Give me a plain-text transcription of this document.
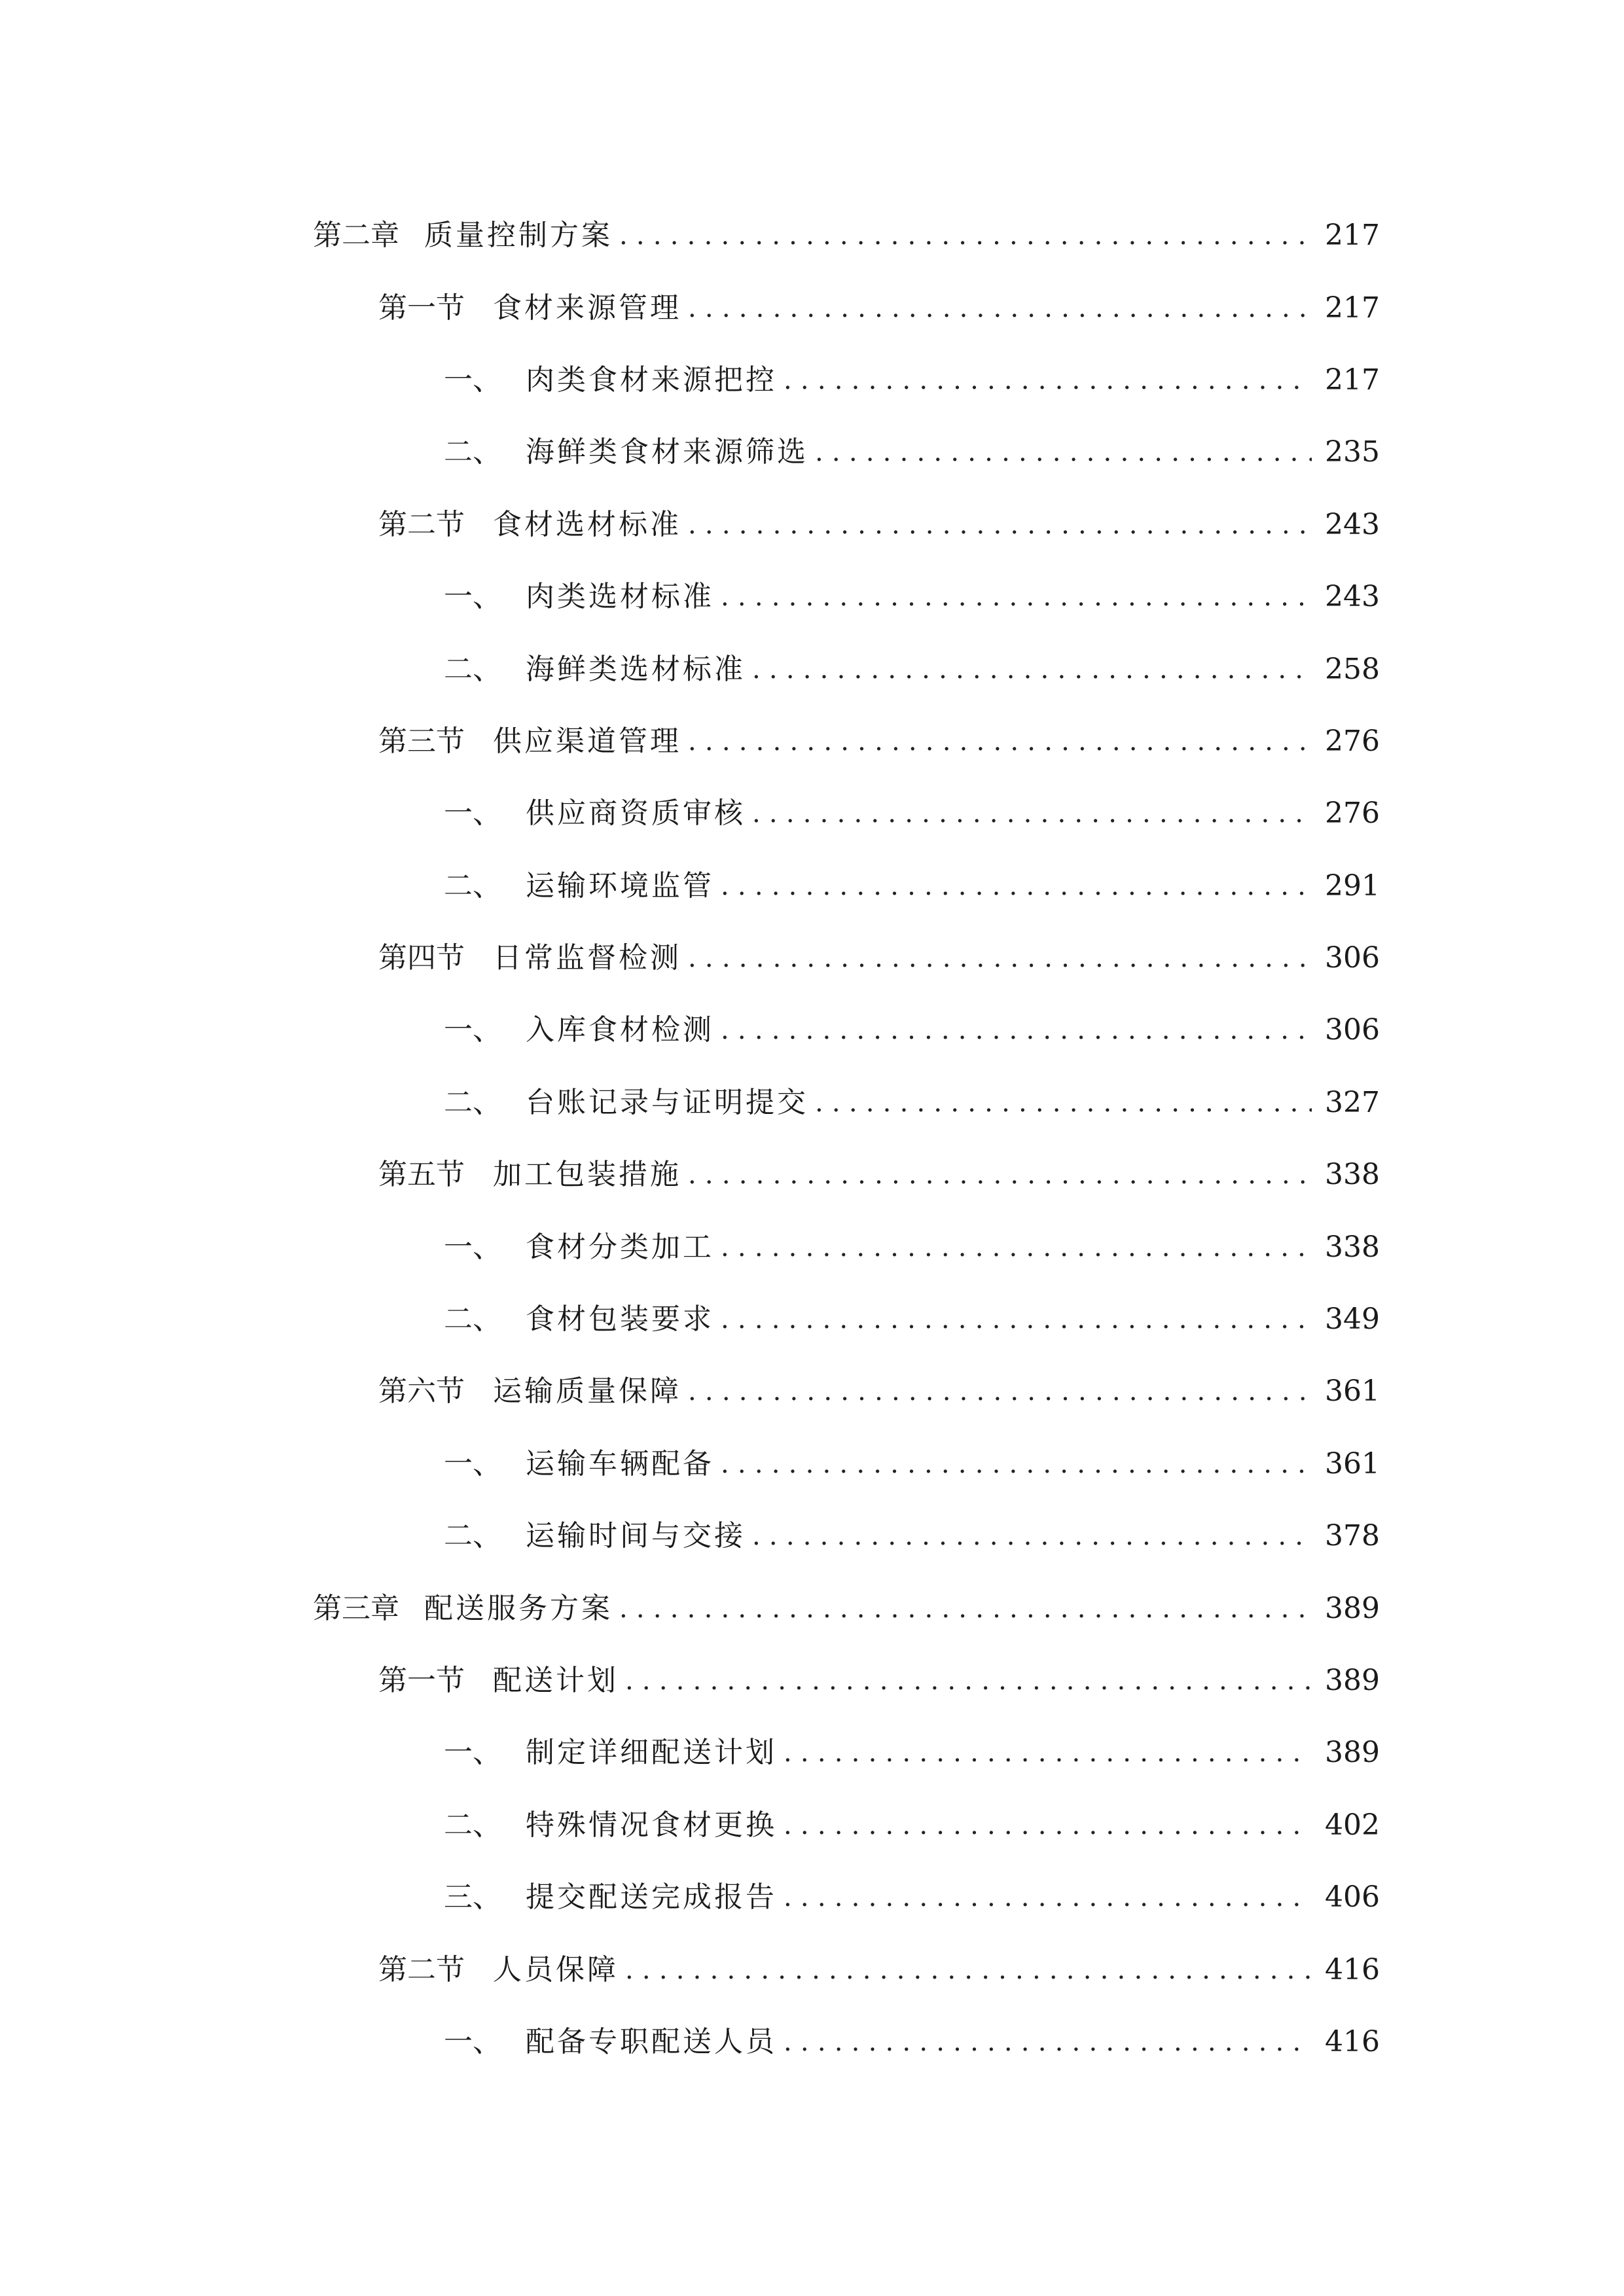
第二章 质量控制方案 .....	217
第一节 食材来源管理 .....	217
一、 肉类食材来源把控 .....	217
二、 海鲜类食材来源筛选 .....	235
第二节 食材选材标准 .....	243
一、 肉类选材标准 .....	243
二、 海鲜类选材标准 .....	258
第三节 供应渠道管理 .....	276
一、 供应商资质审核 .....	276
二、 运输环境监管 .....	291
第四节 日常监督检测 .....	306
一、 入库食材检测 .....	306
二、 台账记录与证明提交 .....	327
第五节 加工包装措施 .....	338
一、 食材分类加工 .....	338
二、 食材包装要求 .....	349
第六节 运输质量保障 .....	361
一、 运输车辆配备 .....	361
二、 运输时间与交接 .....	378
第三章 配送服务方案 .....	389
第一节 配送计划 .....	389
一、 制定详细配送计划 .....	389
二、 特殊情况食材更换 .....	402
三、 提交配送完成报告 .....	406
第二节 人员保障 .....	416
一、 配备专职配送人员 .....	416
